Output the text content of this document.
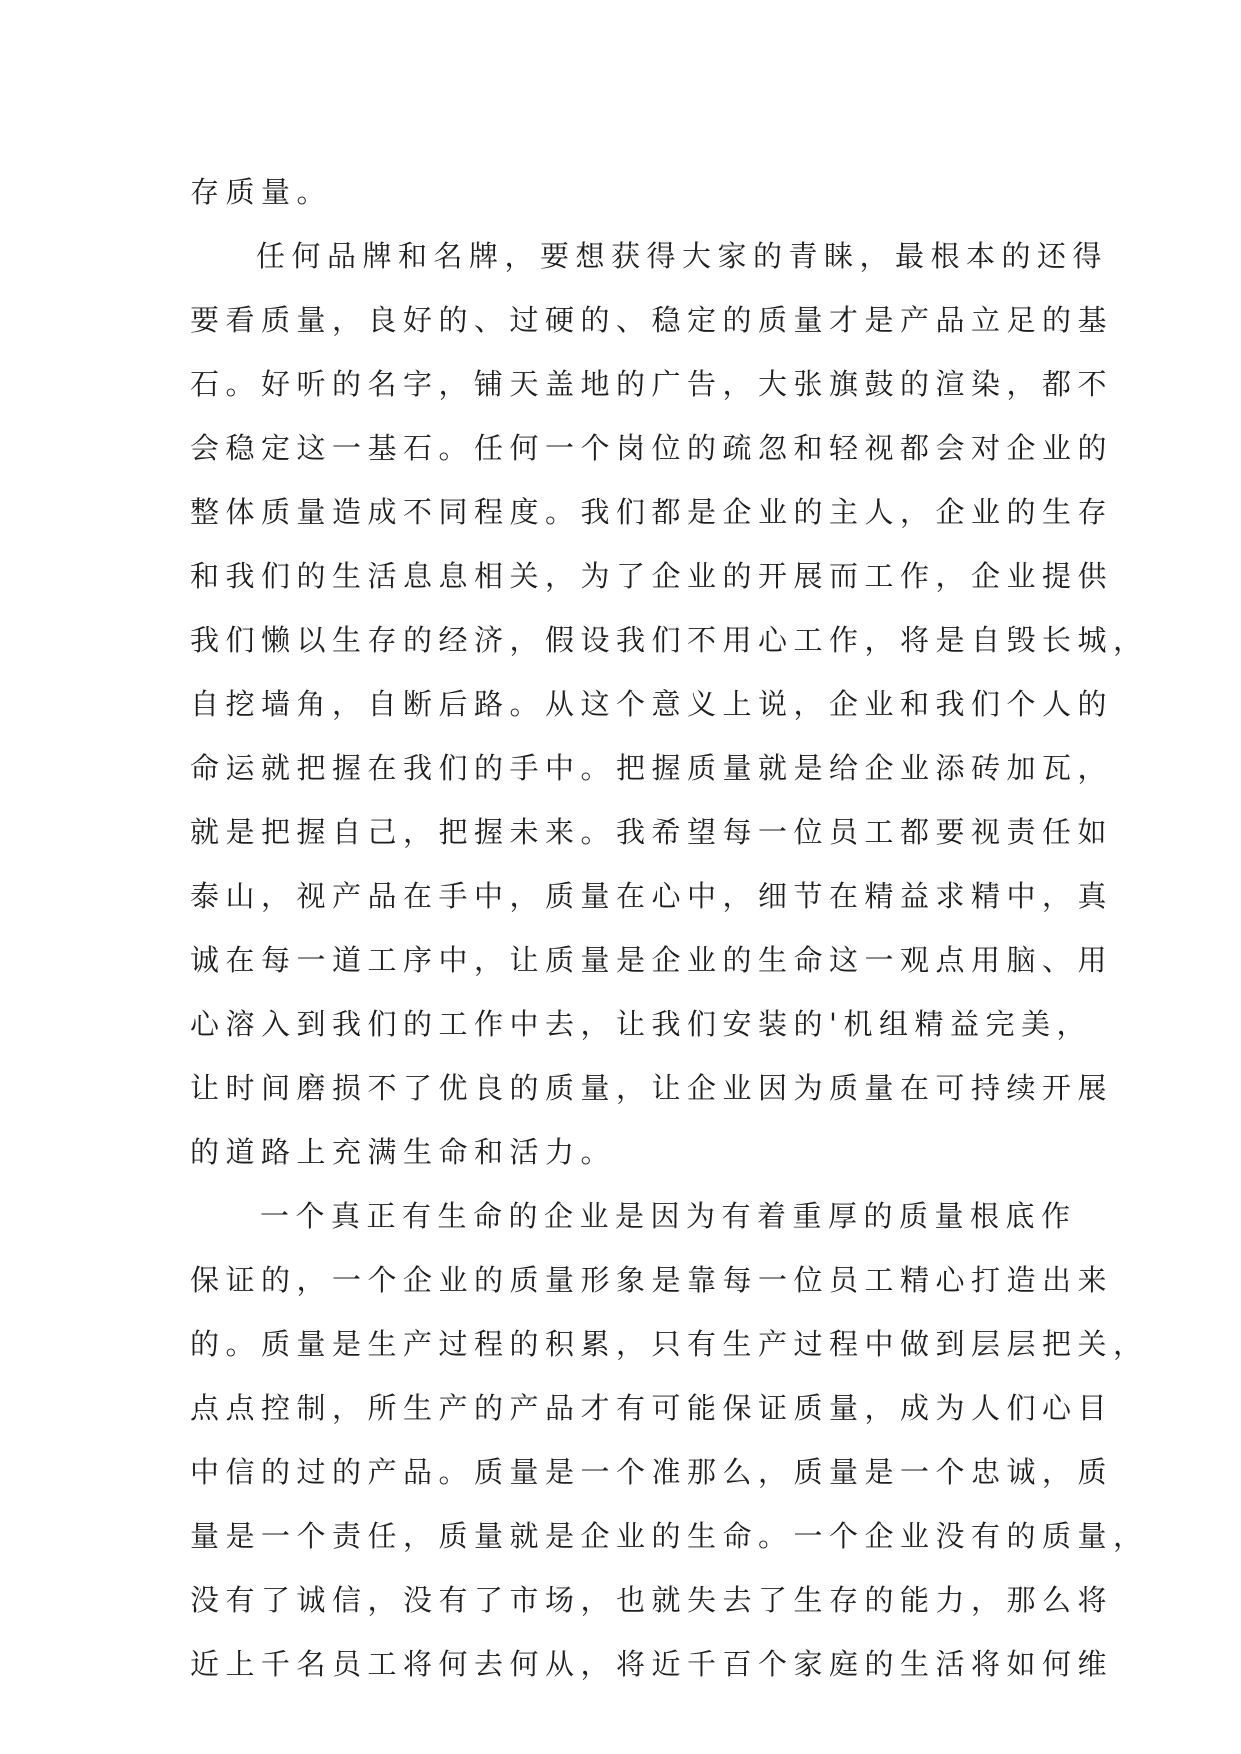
存质量。
任何品牌和名牌，要想获得大家的青睐，最根本的还得
要看质量，良好的、过硬的、稳定的质量才是产品立足的基
石。好听的名字，铺天盖地的广告，大张旗鼓的渲染，都不
会稳定这一基石。任何一个岗位的疏忽和轻视都会对企业的
整体质量造成不同程度。我们都是企业的主人，企业的生存
和我们的生活息息相关，为了企业的开展而工作，企业提供
我们懒以生存的经济，假设我们不用心工作，将是自毁长城，
自挖墙角，自断后路。从这个意义上说，企业和我们个人的
命运就把握在我们的手中。把握质量就是给企业添砖加瓦，
就是把握自己，把握未来。我希望每一位员工都要视责任如
泰山，视产品在手中，质量在心中，细节在精益求精中，真
诚在每一道工序中，让质量是企业的生命这一观点用脑、用
心溶入到我们的工作中去，让我们安装的'机组精益完美，
让时间磨损不了优良的质量，让企业因为质量在可持续开展
的道路上充满生命和活力。
一个真正有生命的企业是因为有着重厚的质量根底作
保证的，一个企业的质量形象是靠每一位员工精心打造出来
的。质量是生产过程的积累，只有生产过程中做到层层把关，
点点控制，所生产的产品才有可能保证质量，成为人们心目
中信的过的产品。质量是一个准那么，质量是一个忠诚，质
量是一个责任，质量就是企业的生命。一个企业没有的质量，
没有了诚信，没有了市场，也就失去了生存的能力，那么将
近上千名员工将何去何从，将近千百个家庭的生活将如何维
